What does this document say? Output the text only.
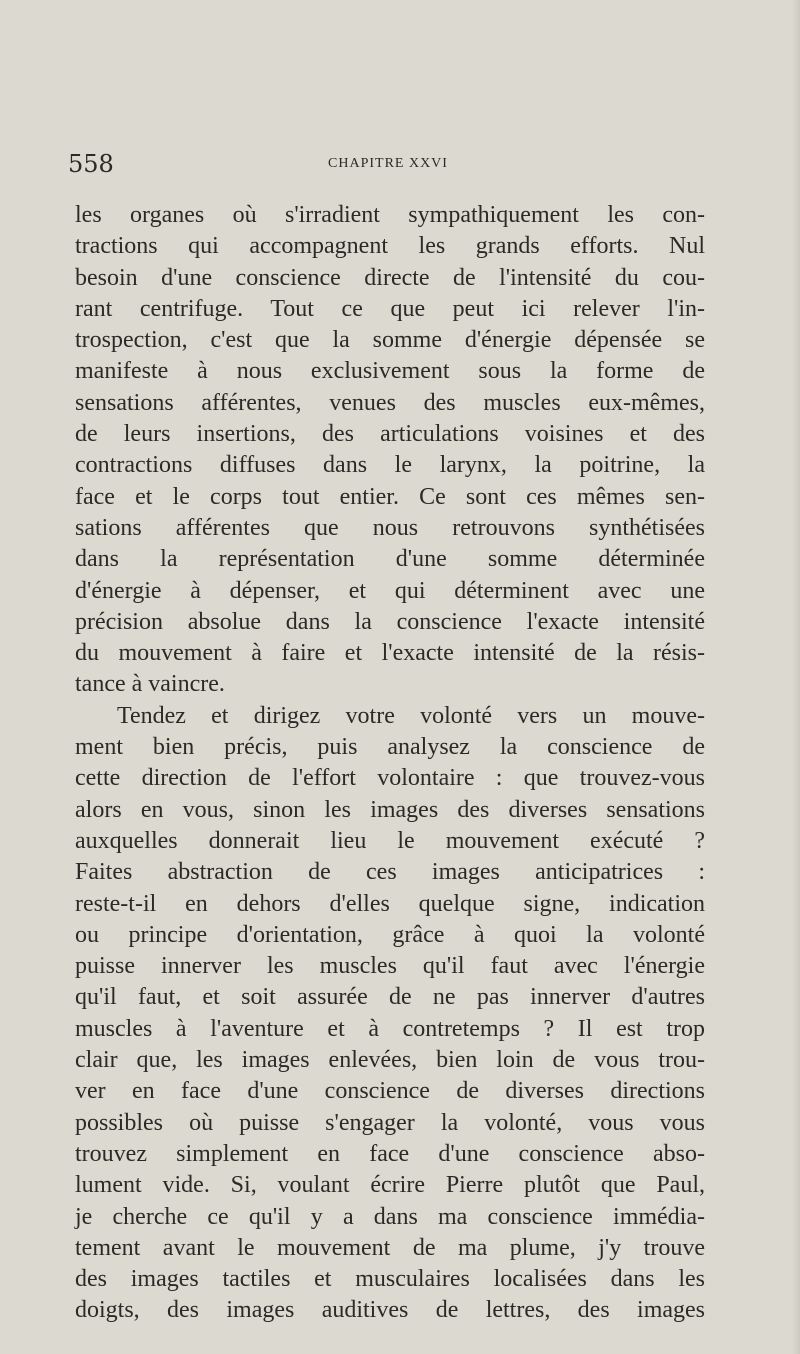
558	CHAPITRE XXVI
les organes où s'irradient sympathiquement les con-
tractions qui accompagnent les grands efforts. Nul
besoin d'une conscience directe de l'intensité du cou-
rant centrifuge. Tout ce que peut ici relever l'in-
trospection, c'est que la somme d'énergie dépensée se
manifeste à nous exclusivement sous la forme de
sensations afférentes, venues des muscles eux-mêmes,
de leurs insertions, des articulations voisines et des
contractions diffuses dans le larynx, la poitrine, la
face et le corps tout entier. Ce sont ces mêmes sen-
sations afférentes que nous retrouvons synthétisées
dans la représentation d'une somme déterminée
d'énergie à dépenser, et qui déterminent avec une
précision absolue dans la conscience l'exacte intensité
du mouvement à faire et l'exacte intensité de la résis-
tance à vaincre.
Tendez et dirigez votre volonté vers un mouve-
ment bien précis, puis analysez la conscience de
cette direction de l'effort volontaire : que trouvez-vous
alors en vous, sinon les images des diverses sensations
auxquelles donnerait lieu le mouvement exécuté ?
Faites abstraction de ces images anticipatrices :
reste-t-il en dehors d'elles quelque signe, indication
ou principe d'orientation, grâce à quoi la volonté
puisse innerver les muscles qu'il faut avec l'énergie
qu'il faut, et soit assurée de ne pas innerver d'autres
muscles à l'aventure et à contretemps ? Il est trop
clair que, les images enlevées, bien loin de vous trou-
ver en face d'une conscience de diverses directions
possibles où puisse s'engager la volonté, vous vous
trouvez simplement en face d'une conscience abso-
lument vide. Si, voulant écrire Pierre plutôt que Paul,
je cherche ce qu'il y a dans ma conscience immédia-
tement avant le mouvement de ma plume, j'y trouve
des images tactiles et musculaires localisées dans les
doigts, des images auditives de lettres, des images
